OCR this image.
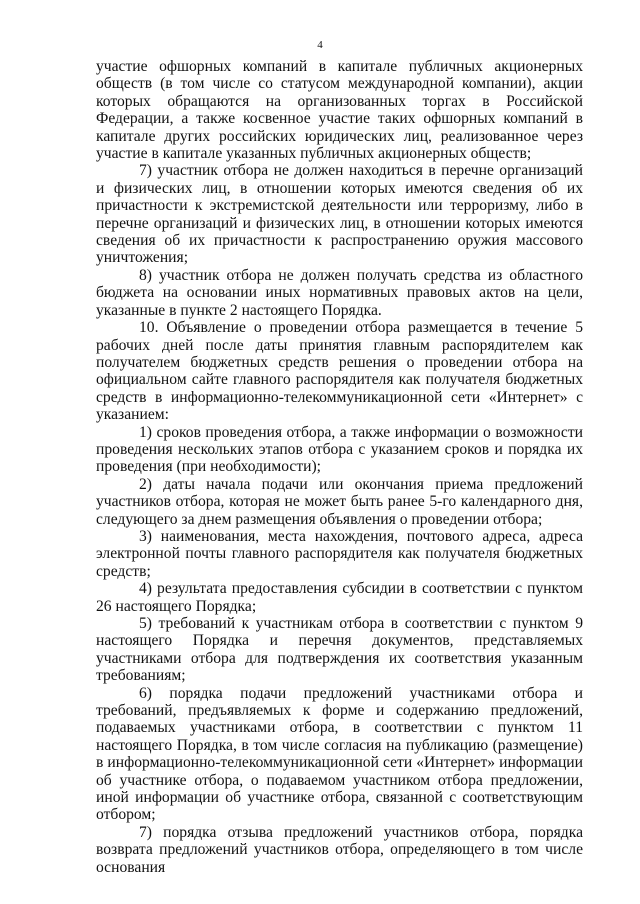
4

участие офшорных компаний в капитале публичных акционерных обществ (в том числе со статусом международной компании), акции которых обращаются на организованных торгах в Российской Федерации, а также косвенное участие таких офшорных компаний в капитале других российских юридических лиц, реализованное через участие в капитале указанных публичных акционерных обществ;

7) участник отбора не должен находиться в перечне организаций и физических лиц, в отношении которых имеются сведения об их причастности к экстремистской деятельности или терроризму, либо в перечне организаций и физических лиц, в отношении которых имеются сведения об их причастности к распространению оружия массового уничтожения;

8) участник отбора не должен получать средства из областного бюджета на основании иных нормативных правовых актов на цели, указанные в пункте 2 настоящего Порядка.

10. Объявление о проведении отбора размещается в течение 5 рабочих дней после даты принятия главным распорядителем как получателем бюджетных средств решения о проведении отбора на официальном сайте главного распорядителя как получателя бюджетных средств в информационно-телекоммуникационной сети «Интернет» с указанием:

1) сроков проведения отбора, а также информации о возможности проведения нескольких этапов отбора с указанием сроков и порядка их проведения (при необходимости);

2) даты начала подачи или окончания приема предложений участников отбора, которая не может быть ранее 5-го календарного дня, следующего за днем размещения объявления о проведении отбора;

3) наименования, места нахождения, почтового адреса, адреса электронной почты главного распорядителя как получателя бюджетных средств;

4) результата предоставления субсидии в соответствии с пунктом 26 настоящего Порядка;

5) требований к участникам отбора в соответствии с пунктом 9 настоящего Порядка и перечня документов, представляемых участниками отбора для подтверждения их соответствия указанным требованиям;

6) порядка подачи предложений участниками отбора и требований, предъявляемых к форме и содержанию предложений, подаваемых участниками отбора, в соответствии с пунктом 11 настоящего Порядка, в том числе согласия на публикацию (размещение) в информационно-телекоммуникационной сети «Интернет» информации об участнике отбора, о подаваемом участником отбора предложении, иной информации об участнике отбора, связанной с соответствующим отбором;

7) порядка отзыва предложений участников отбора, порядка возврата предложений участников отбора, определяющего в том числе основания
